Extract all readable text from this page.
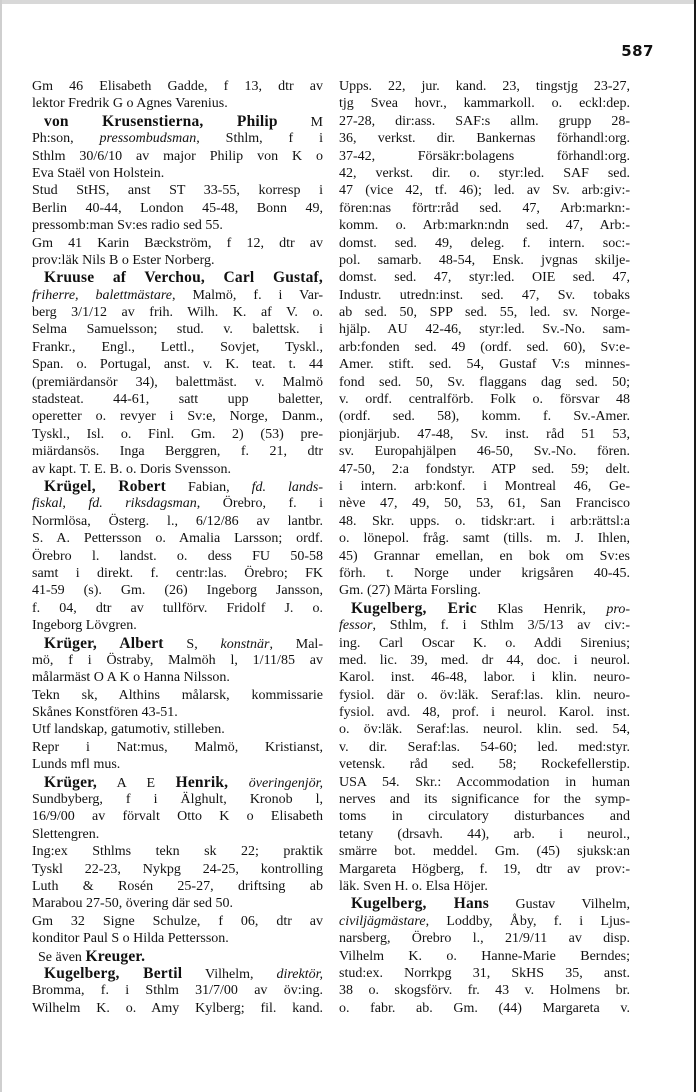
587
Gm 46 Elisabeth Gadde, f 13, dtr av
lektor Fredrik G o Agnes Varenius.
von Krusenstierna, Philip M
Ph:son, pressombudsman, Sthlm, f i
Sthlm 30/6/10 av major Philip von K o
Eva Staël von Holstein.
Stud StHS, anst ST 33-55, korresp i
Berlin 40-44, London 45-48, Bonn 49,
pressomb:man Sv:es radio sed 55.
Gm 41 Karin Bæckström, f 12, dtr av
prov:läk Nils B o Ester Norberg.
Kruuse af Verchou, Carl Gustaf,
friherre, balettmästare, Malmö, f. i Var-
berg 3/1/12 av frih. Wilh. K. af V. o.
Selma Samuelsson; stud. v. balettsk. i
Frankr., Engl., Lettl., Sovjet, Tyskl.,
Span. o. Portugal, anst. v. K. teat. t. 44
(premiärdansör 34), balettmäst. v. Malmö
stadsteat. 44-61, satt upp baletter,
operetter o. revyer i Sv:e, Norge, Danm.,
Tyskl., Isl. o. Finl. Gm. 2) (53) pre-
miärdansös. Inga Berggren, f. 21, dtr
av kapt. T. E. B. o. Doris Svensson.
Krügel, Robert Fabian, fd. lands-
fiskal, fd. riksdagsman, Örebro, f. i
Normlösa, Österg. l., 6/12/86 av lantbr.
S. A. Pettersson o. Amalia Larsson; ordf.
Örebro l. landst. o. dess FU 50-58
samt i direkt. f. centr:las. Örebro; FK
41-59 (s). Gm. (26) Ingeborg Jansson,
f. 04, dtr av tullförv. Fridolf J. o.
Ingeborg Lövgren.
Krüger, Albert S, konstnär, Mal-
mö, f i Östraby, Malmöh l, 1/11/85 av
målarmäst O A K o Hanna Nilsson.
Tekn sk, Althins målarsk, kommissarie
Skånes Konstfören 43-51.
Utf landskap, gatumotiv, stilleben.
Repr i Nat:mus, Malmö, Kristianst,
Lunds mfl mus.
Krüger, A E Henrik, överingenjör,
Sundbyberg, f i Älghult, Kronob l,
16/9/00 av förvalt Otto K o Elisabeth
Slettengren.
Ing:ex Sthlms tekn sk 22; praktik
Tyskl 22-23, Nykpg 24-25, kontrolling
Luth & Rosén 25-27, driftsing ab
Marabou 27-50, övering där sed 50.
Gm 32 Signe Schulze, f 06, dtr av
konditor Paul S o Hilda Pettersson.
Se även Kreuger.
Kugelberg, Bertil Vilhelm, direktör,
Bromma, f. i Sthlm 31/7/00 av öv:ing.
Wilhelm K. o. Amy Kylberg; fil. kand.
Upps. 22, jur. kand. 23, tingstjg 23-27,
tjg Svea hovr., kammarkoll. o. eckl:dep.
27-28, dir:ass. SAF:s allm. grupp 28-
36, verkst. dir. Bankernas förhandl:org.
37-42, Försäkr:bolagens förhandl:org.
42, verkst. dir. o. styr:led. SAF sed.
47 (vice 42, tf. 46); led. av Sv. arb:giv:-
fören:nas förtr:råd sed. 47, Arb:markn:-
komm. o. Arb:markn:ndn sed. 47, Arb:-
domst. sed. 49, deleg. f. intern. soc:-
pol. samarb. 48-54, Ensk. jvgnas skilje-
domst. sed. 47, styr:led. OIE sed. 47,
Industr. utredn:inst. sed. 47, Sv. tobaks
ab sed. 50, SPP sed. 55, led. sv. Norge-
hjälp. AU 42-46, styr:led. Sv.-No. sam-
arb:fonden sed. 49 (ordf. sed. 60), Sv:e-
Amer. stift. sed. 54, Gustaf V:s minnes-
fond sed. 50, Sv. flaggans dag sed. 50;
v. ordf. centralförb. Folk o. försvar 48
(ordf. sed. 58), komm. f. Sv.-Amer.
pionjärjub. 47-48, Sv. inst. råd 51 53,
sv. Europahjälpen 46-50, Sv.-No. fören.
47-50, 2:a fondstyr. ATP sed. 59; delt.
i intern. arb:konf. i Montreal 46, Ge-
nève 47, 49, 50, 53, 61, San Francisco
48. Skr. upps. o. tidskr:art. i arb:rättsl:a
o. lönepol. fråg. samt (tills. m. J. Ihlen,
45) Grannar emellan, en bok om Sv:es
förh. t. Norge under krigsåren 40-45.
Gm. (27) Märta Forsling.
Kugelberg, Eric Klas Henrik, pro-
fessor, Sthlm, f. i Sthlm 3/5/13 av civ:-
ing. Carl Oscar K. o. Addi Sirenius;
med. lic. 39, med. dr 44, doc. i neurol.
Karol. inst. 46-48, labor. i klin. neuro-
fysiol. där o. öv:läk. Seraf:las. klin. neuro-
fysiol. avd. 48, prof. i neurol. Karol. inst.
o. öv:läk. Seraf:las. neurol. klin. sed. 54,
v. dir. Seraf:las. 54-60; led. med:styr.
vetensk. råd sed. 58; Rockefellerstip.
USA 54. Skr.: Accommodation in human
nerves and its significance for the symp-
toms in circulatory disturbances and
tetany (drsavh. 44), arb. i neurol.,
smärre bot. meddel. Gm. (45) sjuksk:an
Margareta Högberg, f. 19, dtr av prov:-
läk. Sven H. o. Elsa Höjer.
Kugelberg, Hans Gustav Vilhelm,
civiljägmästare, Loddby, Åby, f. i Ljus-
narsberg, Örebro l., 21/9/11 av disp.
Vilhelm K. o. Hanne-Marie Berndes;
stud:ex. Norrkpg 31, SkHS 35, anst.
38 o. skogsförv. fr. 43 v. Holmens br.
o. fabr. ab. Gm. (44) Margareta v.
